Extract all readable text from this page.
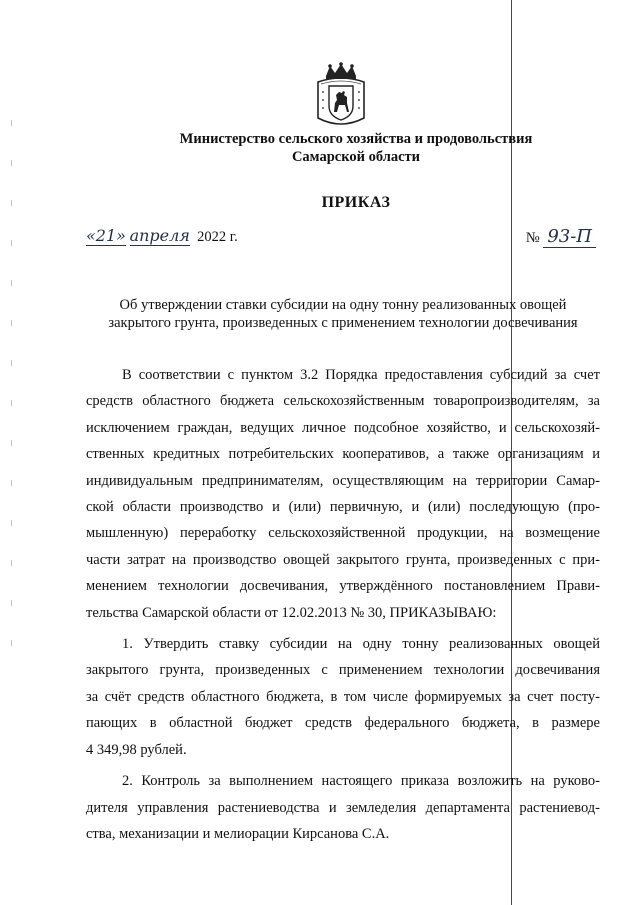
Министерство сельского хозяйства и продовольствия

Самарской области

ПРИКАЗ

«21» апреля 2022 г.	№ 93-П
Об утверждении ставки субсидии на одну тонну реализованных овощей
закрытого грунта, произведенных с применением технологии досвечивания
В соответствии с пунктом 3.2 Порядка предоставления субсидий за счет
средств областного бюджета сельскохозяйственным товаропроизводителям, за
исключением граждан, ведущих личное подсобное хозяйство, и сельскохозяй-
ственных кредитных потребительских кооперативов, а также организациям и
индивидуальным предпринимателям, осуществляющим на территории Самар-
ской области производство и (или) первичную, и (или) последующую (про-
мышленную) переработку сельскохозяйственной продукции, на возмещение
части затрат на производство овощей закрытого грунта, произведенных с при-
менением технологии досвечивания, утверждённого постановлением Прави-
тельства Самарской области от 12.02.2013 № 30, ПРИКАЗЫВАЮ:
1. Утвердить ставку субсидии на одну тонну реализованных овощей
закрытого грунта, произведенных с применением технологии досвечивания
за счёт средств областного бюджета, в том числе формируемых за счет посту-
пающих в областной бюджет средств федерального бюджета, в размере
4 349,98 рублей.
2. Контроль за выполнением настоящего приказа возложить на руково-
дителя управления растениеводства и земледелия департамента растениевод-
ства, механизации и мелиорации Кирсанова С.А.
